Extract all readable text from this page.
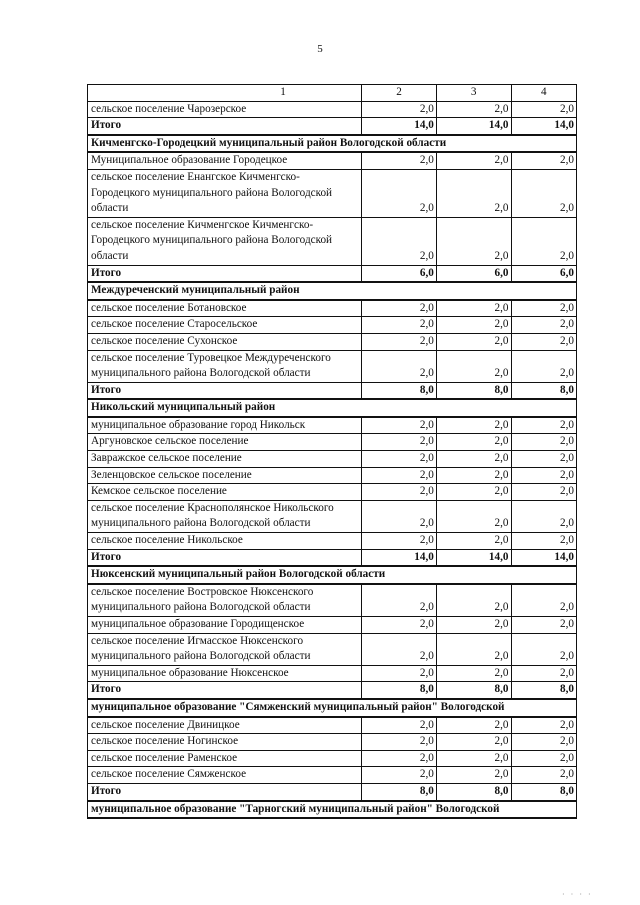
5
1	2	3	4
сельское поселение Чарозерское	2,0	2,0	2,0
Итого	14,0	14,0	14,0
Кичменгско-Городецкий муниципальный район Вологодской области			
Муниципальное образование Городецкое	2,0	2,0	2,0
сельское поселение Енангское Кичменгско-Городецкого муниципального района Вологодской области	2,0	2,0	2,0
сельское поселение Кичменгское Кичменгско-Городецкого муниципального района Вологодской области	2,0	2,0	2,0
Итого	6,0	6,0	6,0
Междуреченский муниципальный район			
сельское поселение Ботановское	2,0	2,0	2,0
сельское поселение Старосельское	2,0	2,0	2,0
сельское поселение Сухонское	2,0	2,0	2,0
сельское поселение Туровецкое Междуреченского муниципального района Вологодской области	2,0	2,0	2,0
Итого	8,0	8,0	8,0
Никольский муниципальный район			
муниципальное образование город Никольск	2,0	2,0	2,0
Аргуновское сельское поселение	2,0	2,0	2,0
Завражское сельское поселение	2,0	2,0	2,0
Зеленцовское сельское поселение	2,0	2,0	2,0
Кемское сельское поселение	2,0	2,0	2,0
сельское поселение Краснополянское Никольского муниципального района Вологодской области	2,0	2,0	2,0
сельское поселение Никольское	2,0	2,0	2,0
Итого	14,0	14,0	14,0
Нюксенский муниципальный район Вологодской области			
сельское поселение Востровское Нюксенского муниципального района Вологодской области	2,0	2,0	2,0
муниципальное образование Городищенское	2,0	2,0	2,0
сельское поселение Игмасское Нюксенского муниципального района Вологодской области	2,0	2,0	2,0
муниципальное образование Нюксенское	2,0	2,0	2,0
Итого	8,0	8,0	8,0
муниципальное образование "Сямженский муниципальный район" Вологодской			
сельское поселение Двиницкое	2,0	2,0	2,0
сельское поселение Ногинское	2,0	2,0	2,0
сельское поселение Раменское	2,0	2,0	2,0
сельское поселение Сямженское	2,0	2,0	2,0
Итого	8,0	8,0	8,0
муниципальное образование "Тарногский муниципальный район" Вологодской			
· · · ·
